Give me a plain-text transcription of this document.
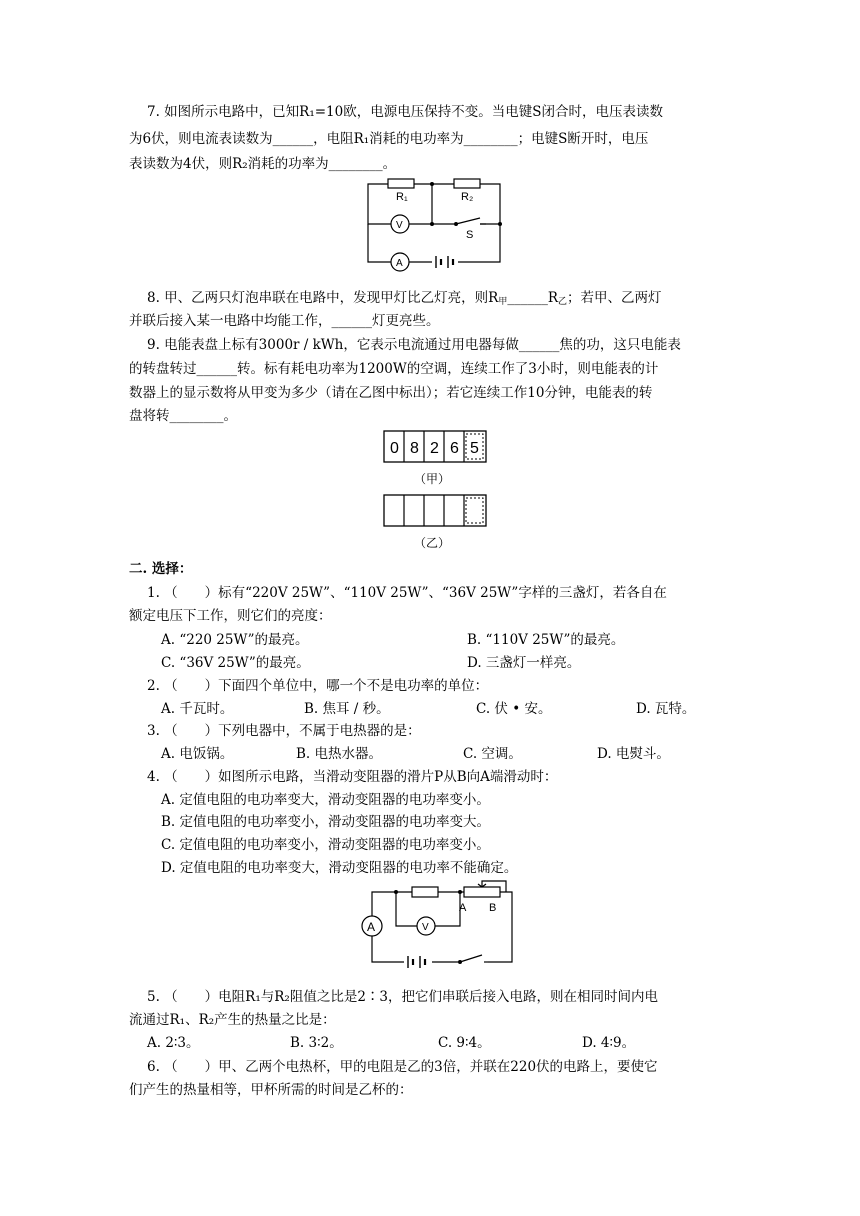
7. 如图所示电路中，已知R₁=10欧，电源电压保持不变。当电键S闭合时，电压表读数
为6伏，则电流表读数为______，电阻R₁消耗的电功率为________；电键S断开时，电压
表读数为4伏，则R₂消耗的功率为________。
R₁	R₂
V
A
S
8. 甲、乙两只灯泡串联在电路中，发现甲灯比乙灯亮，则$R_甲\_\_\_\_\_\_R_乙$；若甲、乙两灯
并联后接入某一电路中均能工作，______灯更亮些。
9. 电能表盘上标有3000r / kWh，它表示电流通过用电器每做______焦的功，这只电能表
的转盘转过______转。标有耗电功率为1200W的空调，连续工作了3小时，则电能表的计
数器上的显示数将从甲变为多少（请在乙图中标出）；若它连续工作10分钟，电能表的转
盘将转________。
0 8 2 6 5
（甲）
（乙）
二. 选择：
1. （　　）标有“220V 25W”、“110V 25W”、“36V 25W”字样的三盏灯，若各自在
额定电压下工作，则它们的亮度：
A. “220 25W”的最亮。	B. “110V 25W”的最亮。
C. “36V 25W”的最亮。	D. 三盏灯一样亮。
2. （　　）下面四个单位中，哪一个不是电功率的单位：
A. 千瓦时。	B. 焦耳 / 秒。	C. 伏 • 安。	D. 瓦特。
3. （　　）下列电器中，不属于电热器的是：
A. 电饭锅。	B. 电热水器。	C. 空调。	D. 电熨斗。
4. （　　）如图所示电路，当滑动变阻器的滑片P从B向A端滑动时：
A. 定值电阻的电功率变大，滑动变阻器的电功率变小。
B. 定值电阻的电功率变小，滑动变阻器的电功率变大。
C. 定值电阻的电功率变小，滑动变阻器的电功率变小。
D. 定值电阻的电功率变大，滑动变阻器的电功率不能确定。
A	V
A B
5. （　　）电阻R₁与R₂阻值之比是2∶3，把它们串联后接入电路，则在相同时间内电
流通过R₁、R₂产生的热量之比是：
A. 2∶3。	B. 3∶2。	C. 9∶4。	D. 4∶9。
6. （　　）甲、乙两个电热杯，甲的电阻是乙的3倍，并联在220伏的电路上，要使它
们产生的热量相等，甲杯所需的时间是乙杯的：
